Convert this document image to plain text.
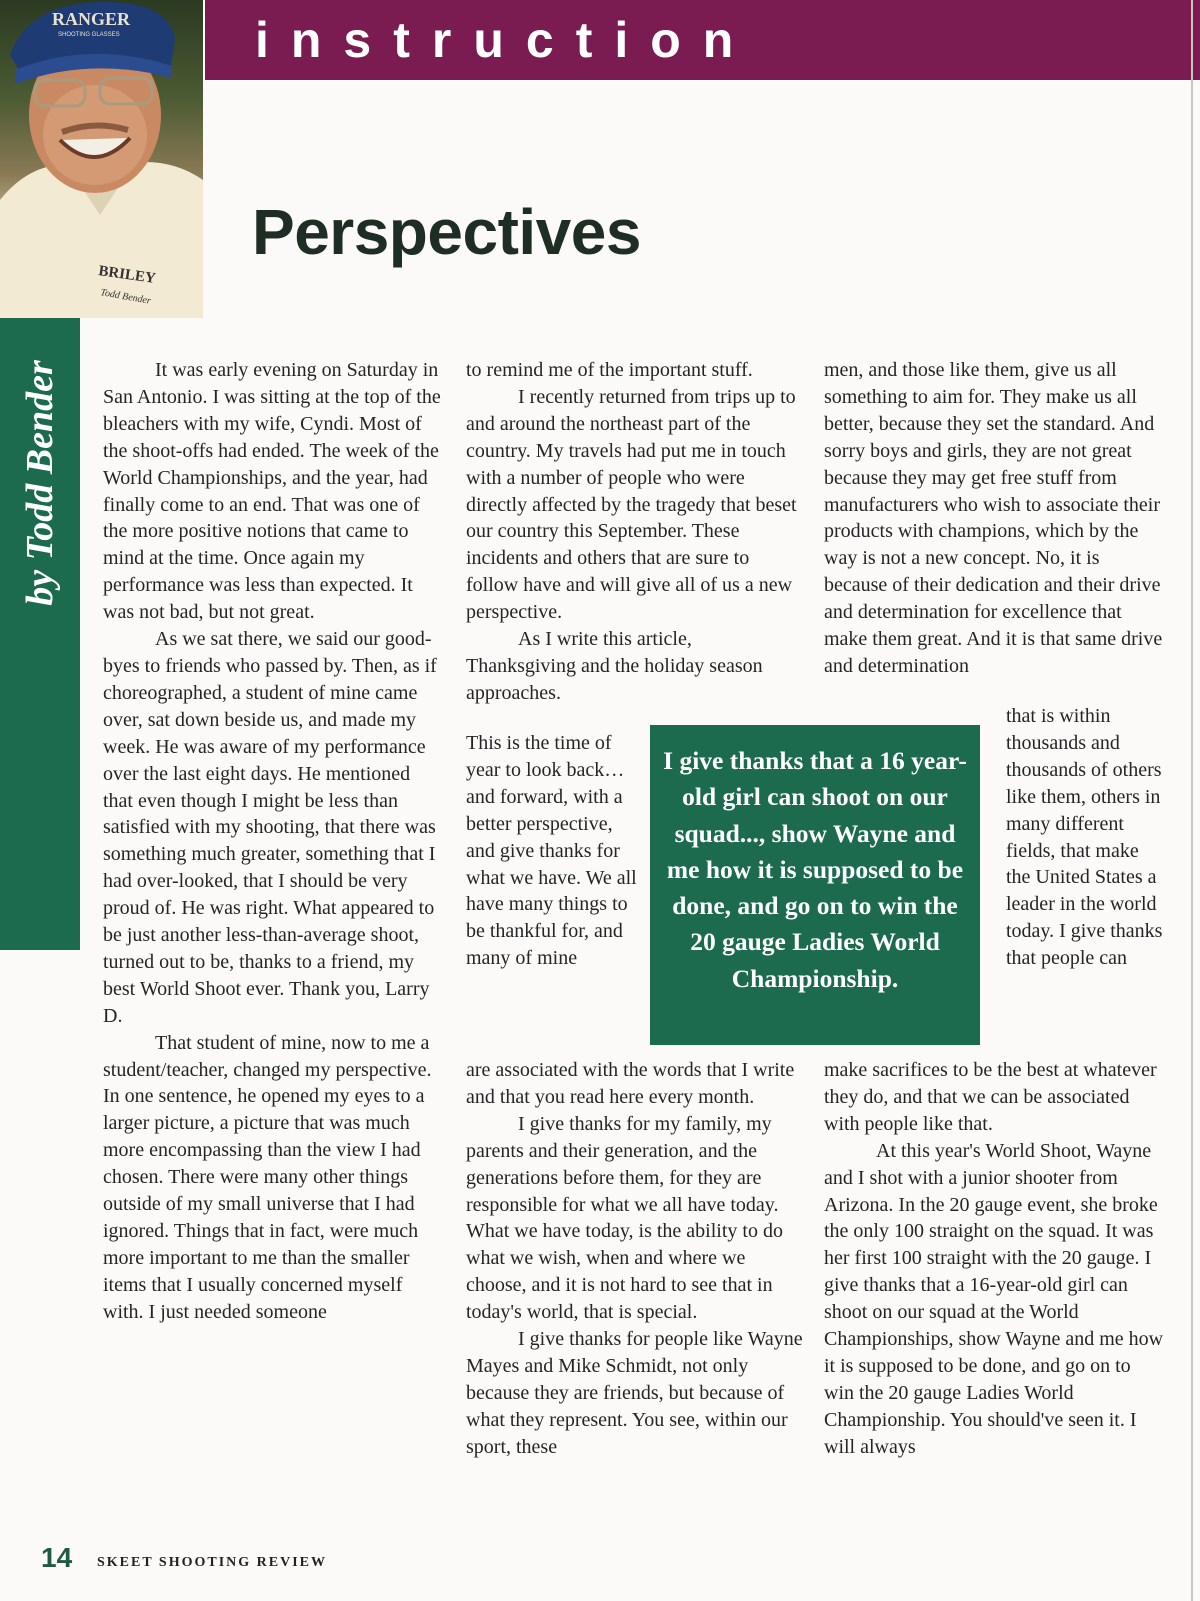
RANGER
SHOOTING GLASSES
BRILEY
Todd Bender
instruction
Perspectives
by Todd Bender	It was early evening on Saturday in San Antonio. I was sitting at the top of the bleachers with my wife, Cyndi. Most of the shoot-offs had ended. The week of the World Championships, and the year, had finally come to an end. That was one of the more positive notions that came to mind at the time. Once again my performance was less than expected. It was not bad, but not great.

As we sat there, we said our good-byes to friends who passed by. Then, as if choreographed, a student of mine came over, sat down beside us, and made my week. He was aware of my performance over the last eight days. He mentioned that even though I might be less than satisfied with my shooting, that there was something much greater, something that I had over-looked, that I should be very proud of. He was right. What appeared to be just another less-than-average shoot, turned out to be, thanks to a friend, my best World Shoot ever. Thank you, Larry D.

That student of mine, now to me a student/teacher, changed my perspective. In one sentence, he opened my eyes to a larger picture, a picture that was much more encompassing than the view I had chosen. There were many other things outside of my small universe that I had ignored. Things that in fact, were much more important to me than the smaller items that I usually concerned myself with. I just needed someone

to remind me of the important stuff.

I recently returned from trips up to and around the northeast part of the country. My travels had put me in touch with a number of people who were directly affected by the tragedy that beset our country this September. These incidents and others that are sure to follow have and will give all of us a new perspective.

As I write this article, Thanksgiving and the holiday season approaches.

This is the time of year to look back… and forward, with a better perspective, and give thanks for what we have. We all have many things to be thankful for, and many of mine

are associated with the words that I write and that you read here every month.

I give thanks for my family, my parents and their generation, and the generations before them, for they are responsible for what we all have today. What we have today, is the ability to do what we wish, when and where we choose, and it is not hard to see that in today's world, that is special.

I give thanks for people like Wayne Mayes and Mike Schmidt, not only because they are friends, but because of what they represent. You see, within our sport, these

I give thanks that a 16 year-old girl can shoot on our squad..., show Wayne and me how it is supposed to be done, and go on to win the 20 gauge Ladies World Championship.

men, and those like them, give us all something to aim for. They make us all better, because they set the standard. And sorry boys and girls, they are not great because they may get free stuff from manufacturers who wish to associate their products with champions, which by the way is not a new concept. No, it is because of their dedication and their drive and determination for excellence that make them great. And it is that same drive and determination

that is within thousands and thousands of others like them, others in many different fields, that make the United States a leader in the world today. I give thanks that people can

make sacrifices to be the best at whatever they do, and that we can be associated with people like that.

At this year's World Shoot, Wayne and I shot with a junior shooter from Arizona. In the 20 gauge event, she broke the only 100 straight on the squad. It was her first 100 straight with the 20 gauge. I give thanks that a 16-year-old girl can shoot on our squad at the World Championships, show Wayne and me how it is supposed to be done, and go on to win the 20 gauge Ladies World Championship. You should've seen it. I will always

14 SKEET SHOOTING REVIEW
